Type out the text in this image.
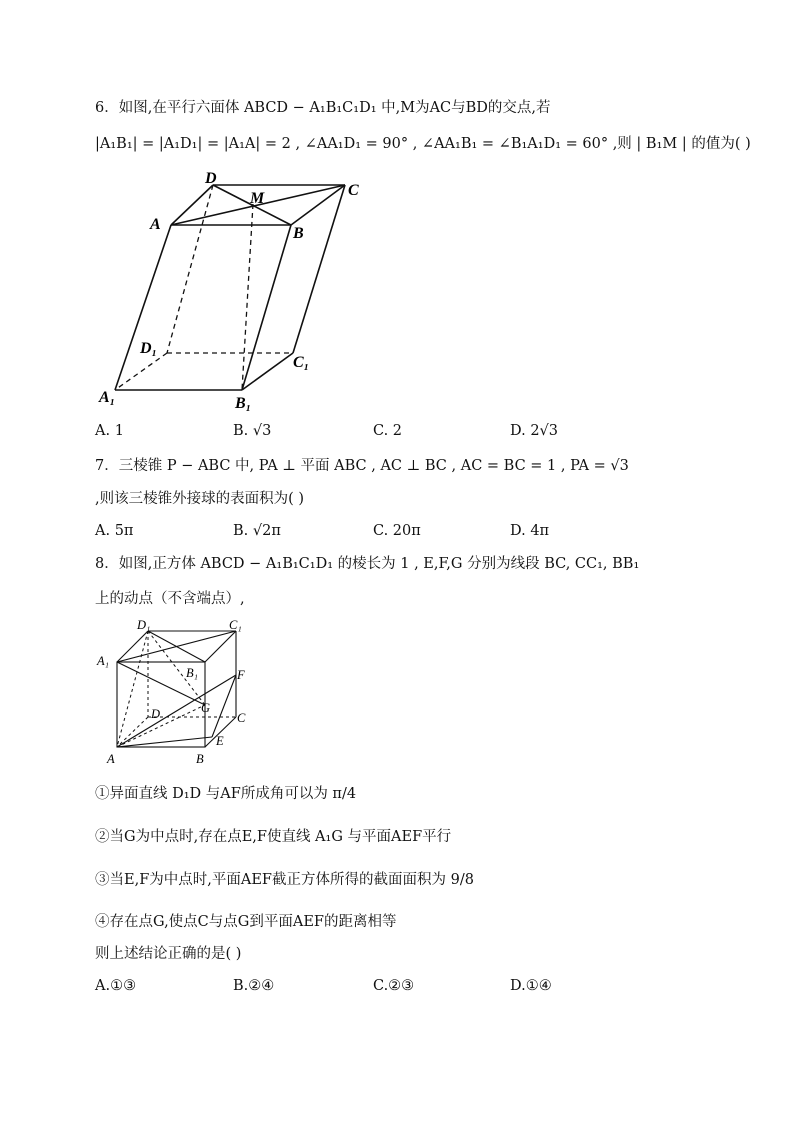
6．如图,在平行六面体 ABCD − A₁B₁C₁D₁ 中,M为AC与BD的交点,若
|A₁B₁| = |A₁D₁| = |A₁A| = 2 , ∠AA₁D₁ = 90° , ∠AA₁B₁ = ∠B₁A₁D₁ = 60° ,则 | B₁M | 的值为( )
D
M	C
A
B
D₁
C₁
A₁	B₁
A. 1	B. √3	C. 2	D. 2√3
7．三棱锥 P − ABC 中, PA ⊥ 平面 ABC , AC ⊥ BC , AC = BC = 1 , PA = √3
,则该三棱锥外接球的表面积为( )
A. 5π	B. √2π	C. 20π	D. 4π
8．如图,正方体 ABCD − A₁B₁C₁D₁ 的棱长为 1 , E,F,G 分别为线段 BC, CC₁, BB₁
上的动点（不含端点）,
D₁	C₁
A₁
B₁	F
D	G
C
E
A	B
①异面直线 D₁D 与AF所成角可以为 π/4
②当G为中点时,存在点E,F使直线 A₁G 与平面AEF平行
③当E,F为中点时,平面AEF截正方体所得的截面面积为 9/8
④存在点G,使点C与点G到平面AEF的距离相等
则上述结论正确的是( )
A.①③	B.②④	C.②③	D.①④
